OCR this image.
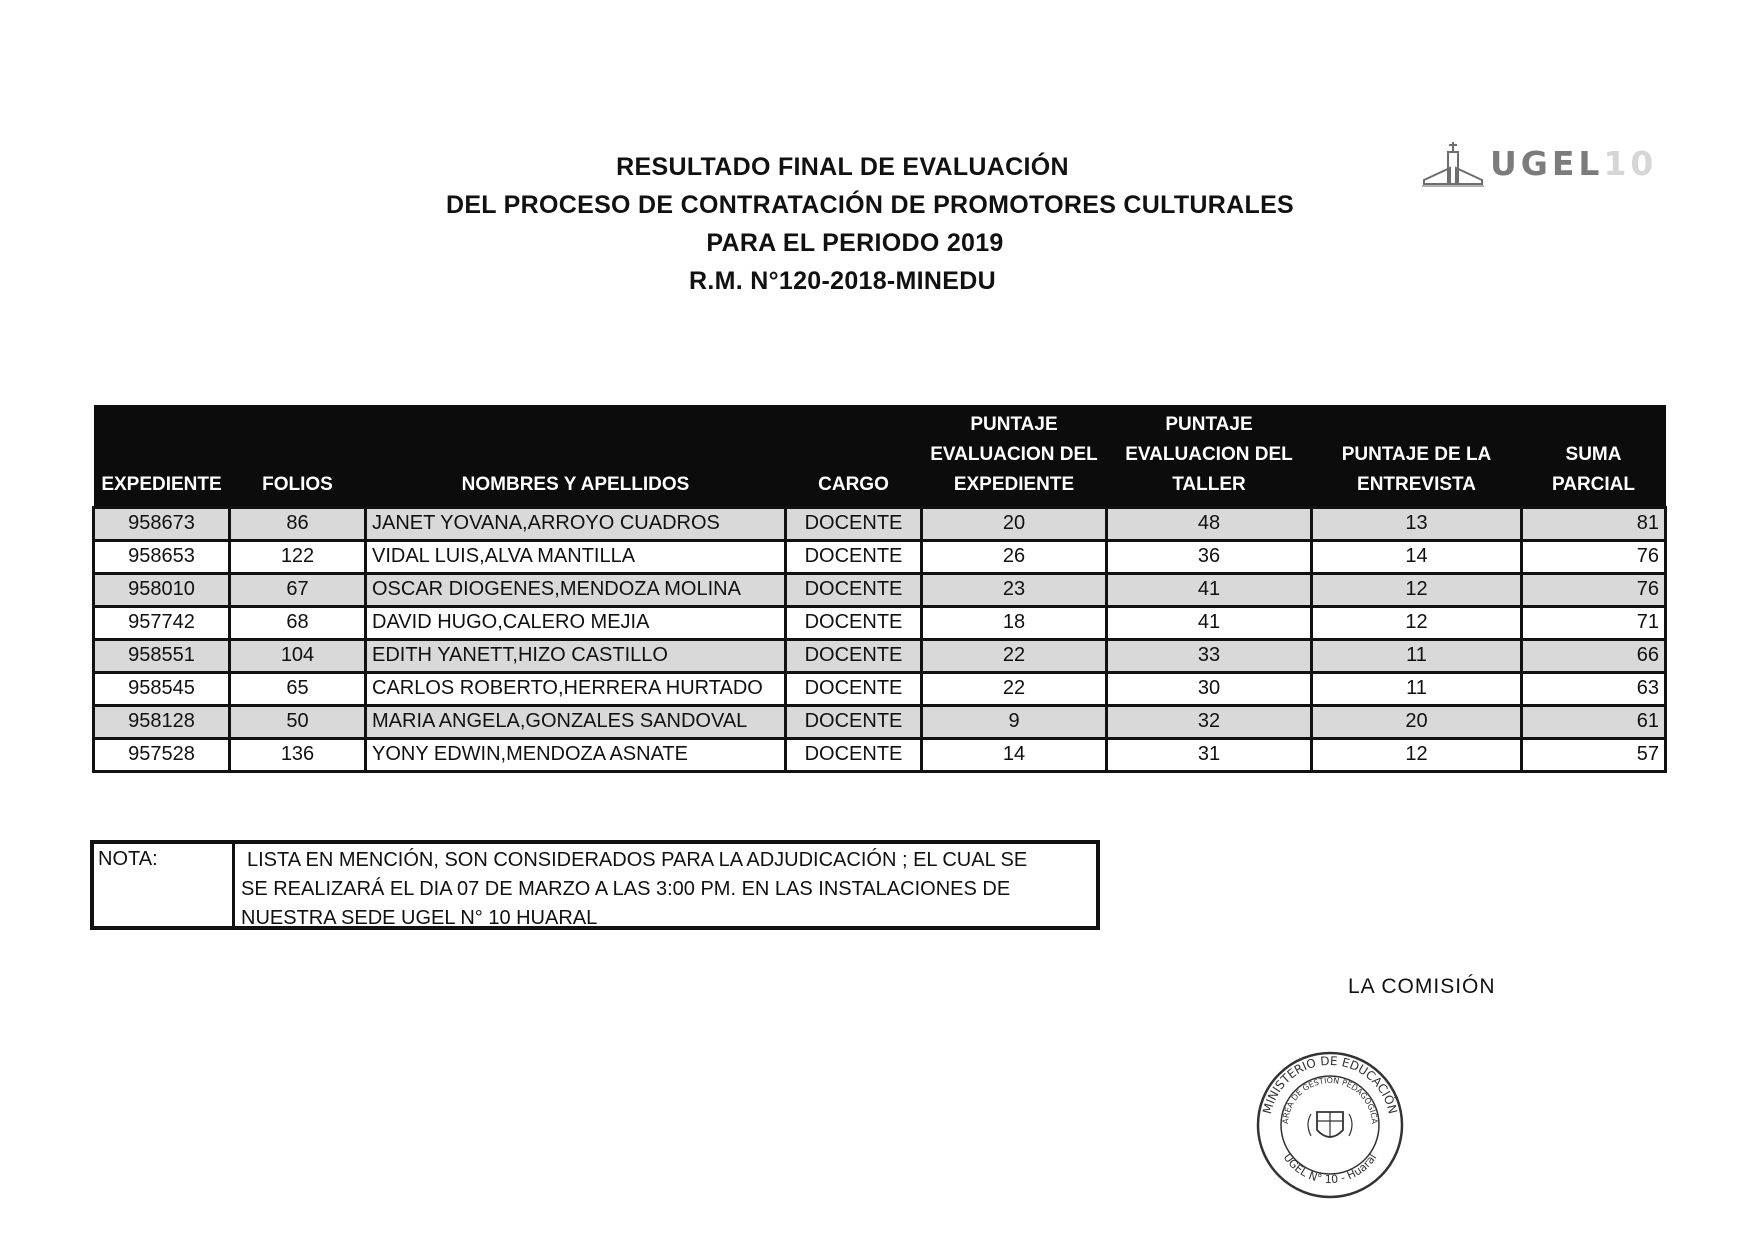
RESULTADO FINAL DE EVALUACIÓN
DEL PROCESO DE CONTRATACIÓN DE PROMOTORES CULTURALES
PARA EL PERIODO 2019
R.M. N°120-2018-MINEDU
UGEL10
EXPEDIENTE	FOLIOS	NOMBRES Y APELLIDOS	CARGO	PUNTAJE EVALUACION DEL EXPEDIENTE	PUNTAJE EVALUACION DEL TALLER	PUNTAJE DE LA ENTREVISTA	SUMA PARCIAL
958673	86	JANET YOVANA,ARROYO CUADROS	DOCENTE	20	48	13	81
958653	122	VIDAL LUIS,ALVA MANTILLA	DOCENTE	26	36	14	76
958010	67	OSCAR DIOGENES,MENDOZA MOLINA	DOCENTE	23	41	12	76
957742	68	DAVID HUGO,CALERO MEJIA	DOCENTE	18	41	12	71
958551	104	EDITH YANETT,HIZO CASTILLO	DOCENTE	22	33	11	66
958545	65	CARLOS ROBERTO,HERRERA HURTADO	DOCENTE	22	30	11	63
958128	50	MARIA ANGELA,GONZALES SANDOVAL	DOCENTE	9	32	20	61
957528	136	YONY EDWIN,MENDOZA ASNATE	DOCENTE	14	31	12	57
NOTA:	LISTA EN MENCIÓN, SON CONSIDERADOS PARA LA ADJUDICACIÓN ; EL CUAL SE
SE REALIZARÁ EL DIA 07 DE MARZO A LAS 3:00 PM. EN LAS INSTALACIONES DE
NUESTRA SEDE UGEL N° 10 HUARAL
LA COMISIÓN
MINISTERIO DE EDUCACIÓN
AREA DE GESTION PEDAGOGICA
UGEL N° 10 - Huaral
